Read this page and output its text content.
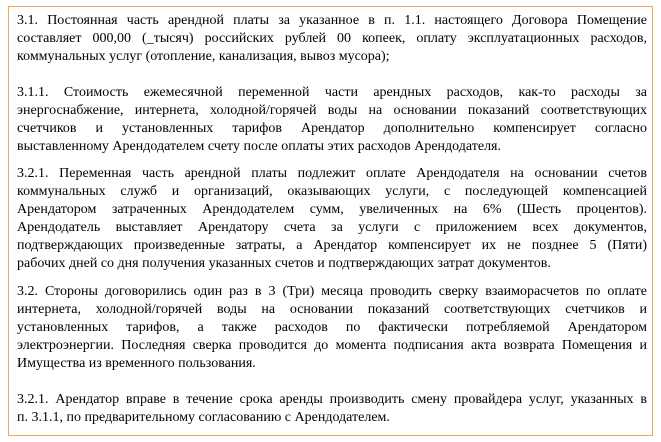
3.1. Постоянная часть арендной платы за указанное в п. 1.1. настоящего Договора Помещение
составляет 000,00 (_тысяч) российских рублей 00 копеек, оплату эксплуатационных расходов,
коммунальных услуг (отопление, канализация, вывоз мусора);
3.1.1. Стоимость ежемесячной переменной части арендных расходов, как-то расходы за
энергоснабжение, интернета, холодной/горячей воды на основании показаний соответствующих
счетчиков и установленных тарифов Арендатор дополнительно компенсирует согласно
выставленному Арендодателем счету после оплаты этих расходов Арендодателя.
3.2.1. Переменная часть арендной платы подлежит оплате Арендодателя на основании счетов
коммунальных служб и организаций, оказывающих услуги, с последующей компенсацией
Арендатором затраченных Арендодателем сумм, увеличенных на 6% (Шесть процентов).
Арендодатель выставляет Арендатору счета за услуги с приложением всех документов,
подтверждающих произведенные затраты, а Арендатор компенсирует их не позднее 5 (Пяти)
рабочих дней со дня получения указанных счетов и подтверждающих затрат документов.
3.2. Стороны договорились один раз в 3 (Три) месяца проводить сверку взаиморасчетов по оплате
интернета, холодной/горячей воды на основании показаний соответствующих счетчиков и
установленных тарифов, а также расходов по фактически потребляемой Арендатором
электроэнергии. Последняя сверка проводится до момента подписания акта возврата Помещения и
Имущества из временного пользования.
3.2.1. Арендатор вправе в течение срока аренды производить смену провайдера услуг, указанных в
п. 3.1.1, по предварительному согласованию с Арендодателем.
